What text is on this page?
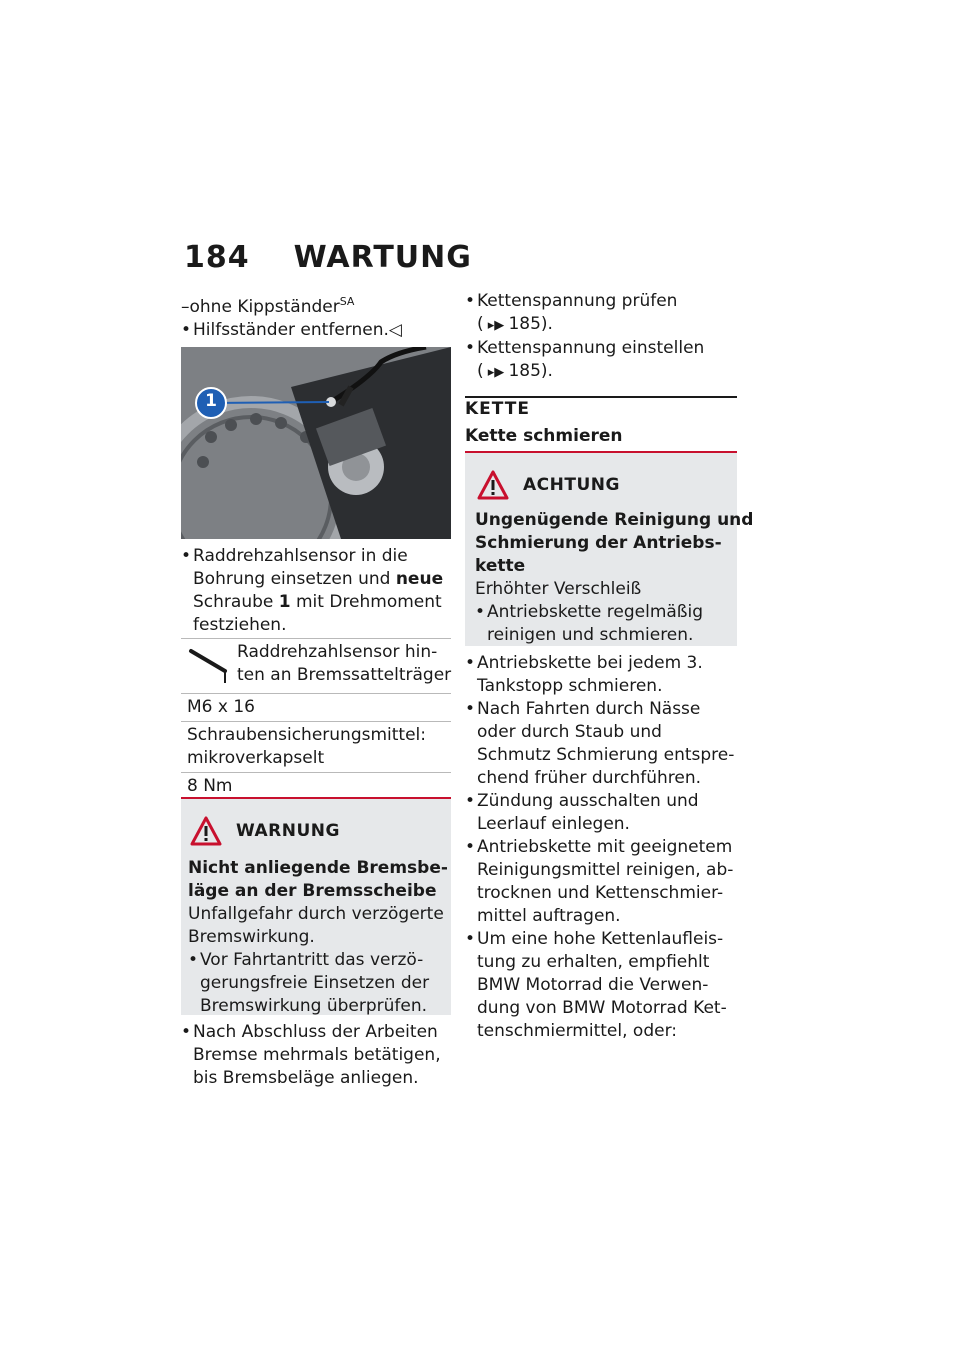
184 WARTUNG
–ohne Kippständer$^{SA}$
• Hilfsständer entfernen.◁
1
• Raddrehzahlsensor in die
Bohrung einsetzen und neue
Schraube 1 mit Drehmoment
festziehen.
Raddrehzahlsensor hin-
ten an Bremssattelträger
M6 x 16
Schraubensicherungsmittel:
mikroverkapselt
8 Nm
WARNUNG
Nicht anliegende Bremsbe-
läge an der Bremsscheibe
Unfallgefahr durch verzögerte
Bremswirkung.
• Vor Fahrtantritt das verzö-
gerungsfreie Einsetzen der
Bremswirkung überprüfen.
• Nach Abschluss der Arbeiten
Bremse mehrmals betätigen,
bis Bremsbeläge anliegen.
• Kettenspannung prüfen
( ▸▶ 185).
• Kettenspannung einstellen
( ▸▶ 185).
KETTE
Kette schmieren
ACHTUNG
Ungenügende Reinigung und
Schmierung der Antriebs-
kette
Erhöhter Verschleiß
• Antriebskette regelmäßig
reinigen und schmieren.
• Antriebskette bei jedem 3.
Tankstopp schmieren.
• Nach Fahrten durch Nässe
oder durch Staub und
Schmutz Schmierung entspre-
chend früher durchführen.
• Zündung ausschalten und
Leerlauf einlegen.
• Antriebskette mit geeignetem
Reinigungsmittel reinigen, ab-
trocknen und Kettenschmier-
mittel auftragen.
• Um eine hohe Kettenlaufleis-
tung zu erhalten, empfiehlt
BMW Motorrad die Verwen-
dung von BMW Motorrad Ket-
tenschmiermittel, oder:
